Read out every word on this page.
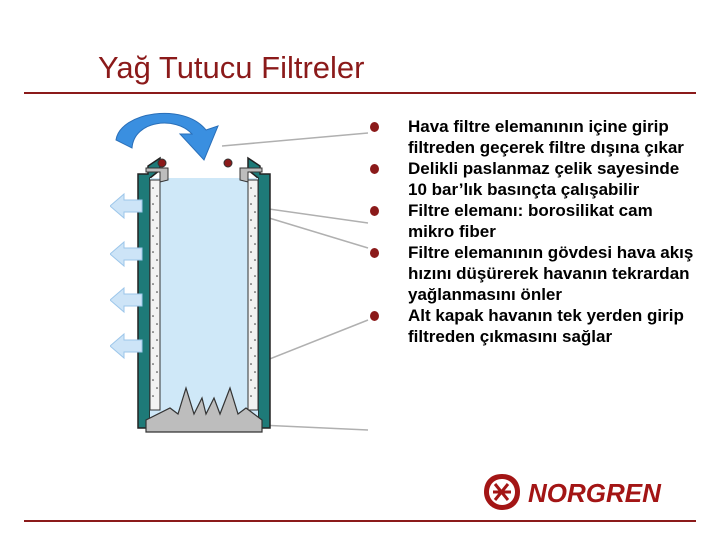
Yağ Tutucu Filtreler
Hava filtre elemanının içine girip filtreden geçerek filtre dışına çıkar
Delikli paslanmaz çelik sayesinde 10 bar’lık basınçta çalışabilir
Filtre elemanı: borosilikat cam mikro fiber
Filtre elemanının gövdesi hava akış hızını düşürerek havanın tekrardan yağlanmasını önler
Alt kapak havanın tek yerden girip filtreden çıkmasını sağlar
NORGREN
